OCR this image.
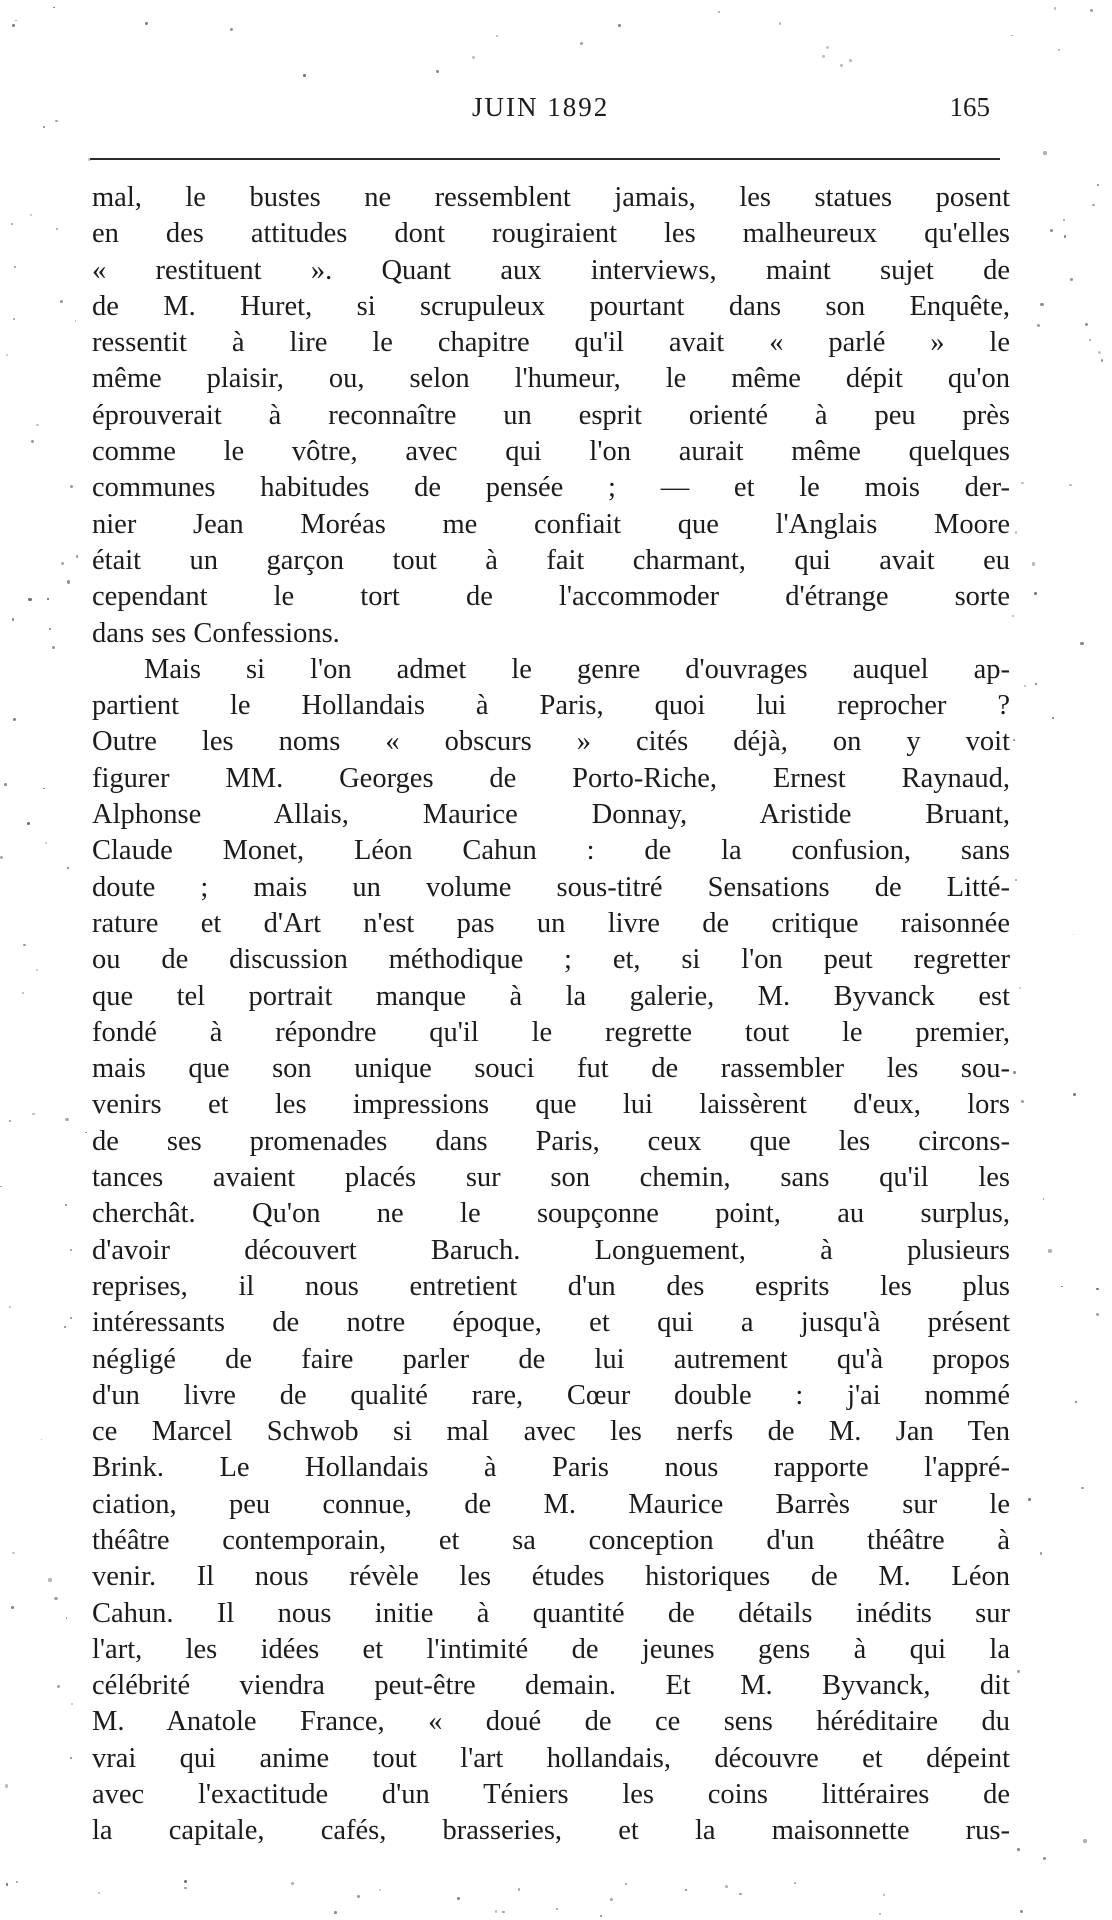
JUIN 1892	165
mal, le bustes ne ressemblent jamais, les statues posent
en des attitudes dont rougiraient les malheureux qu'elles
« restituent ». Quant aux interviews, maint sujet de
de M. Huret, si scrupuleux pourtant dans son Enquête,
ressentit à lire le chapitre qu'il avait « parlé » le
même plaisir, ou, selon l'humeur, le même dépit qu'on
éprouverait à reconnaître un esprit orienté à peu près
comme le vôtre, avec qui l'on aurait même quelques
communes habitudes de pensée ; — et le mois der-
nier Jean Moréas me confiait que l'Anglais Moore
était un garçon tout à fait charmant, qui avait eu
cependant le tort de l'accommoder d'étrange sorte
dans ses Confessions.
Mais si l'on admet le genre d'ouvrages auquel ap-
partient le Hollandais à Paris, quoi lui reprocher ?
Outre les noms « obscurs » cités déjà, on y voit
figurer MM. Georges de Porto-Riche, Ernest Raynaud,
Alphonse Allais, Maurice Donnay, Aristide Bruant,
Claude Monet, Léon Cahun : de la confusion, sans
doute ; mais un volume sous-titré Sensations de Litté-
rature et d'Art n'est pas un livre de critique raisonnée
ou de discussion méthodique ; et, si l'on peut regretter
que tel portrait manque à la galerie, M. Byvanck est
fondé à répondre qu'il le regrette tout le premier,
mais que son unique souci fut de rassembler les sou-
venirs et les impressions que lui laissèrent d'eux, lors
de ses promenades dans Paris, ceux que les circons-
tances avaient placés sur son chemin, sans qu'il les
cherchât. Qu'on ne le soupçonne point, au surplus,
d'avoir découvert Baruch. Longuement, à plusieurs
reprises, il nous entretient d'un des esprits les plus
intéressants de notre époque, et qui a jusqu'à présent
négligé de faire parler de lui autrement qu'à propos
d'un livre de qualité rare, Cœur double : j'ai nommé
ce Marcel Schwob si mal avec les nerfs de M. Jan Ten
Brink. Le Hollandais à Paris nous rapporte l'appré-
ciation, peu connue, de M. Maurice Barrès sur le
théâtre contemporain, et sa conception d'un théâtre à
venir. Il nous révèle les études historiques de M. Léon
Cahun. Il nous initie à quantité de détails inédits sur
l'art, les idées et l'intimité de jeunes gens à qui la
célébrité viendra peut-être demain. Et M. Byvanck, dit
M. Anatole France, « doué de ce sens héréditaire du
vrai qui anime tout l'art hollandais, découvre et dépeint
avec l'exactitude d'un Téniers les coins littéraires de
la capitale, cafés, brasseries, et la maisonnette rus-
